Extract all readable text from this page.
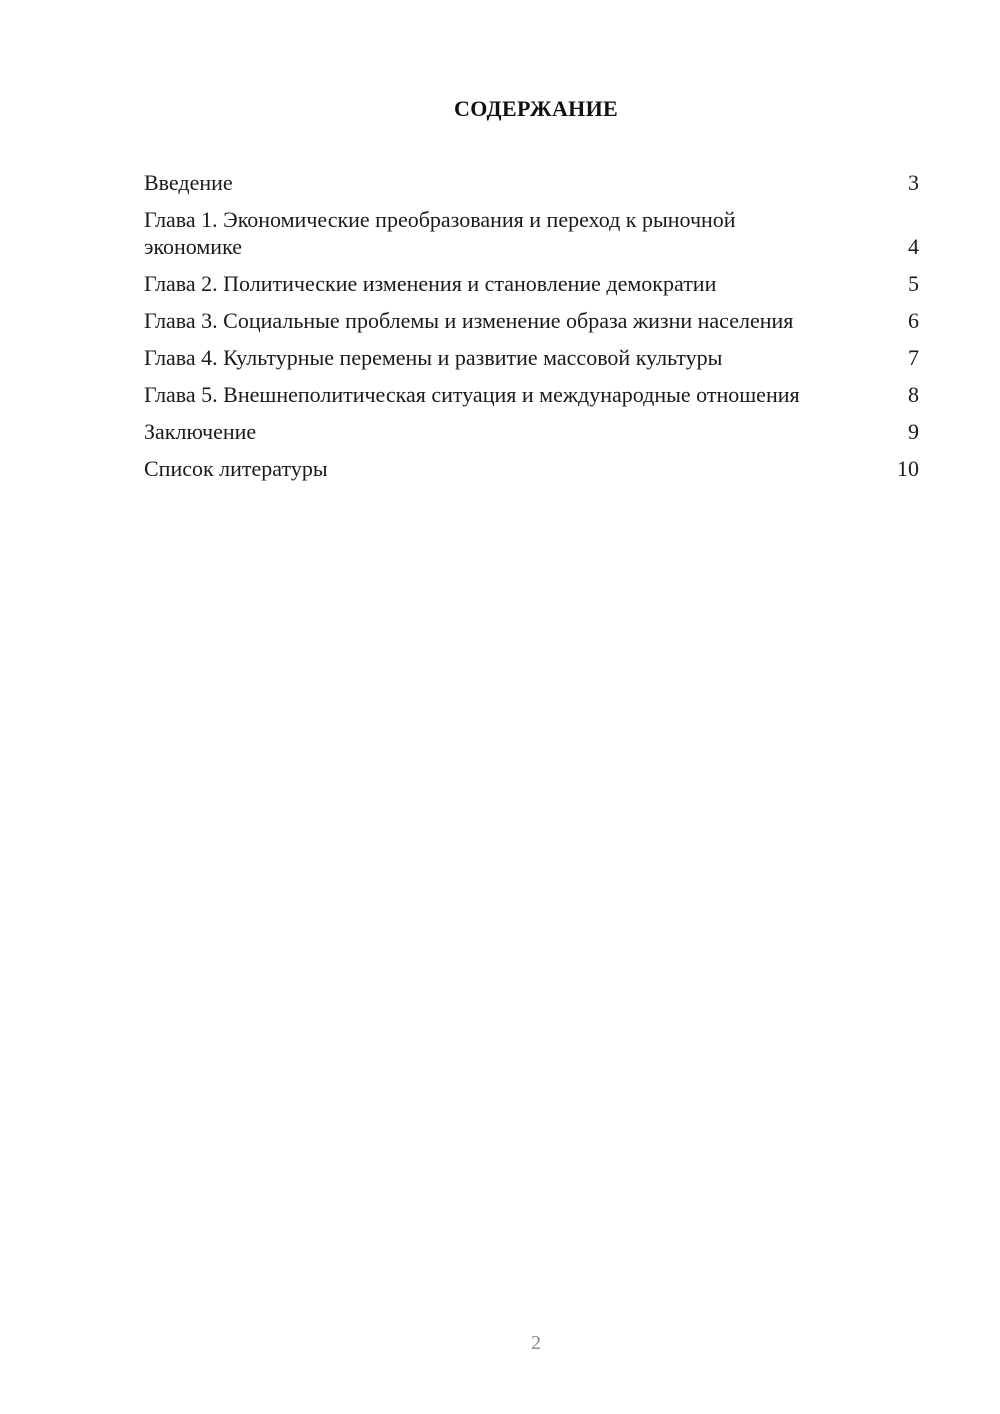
СОДЕРЖАНИЕ
Введение	3
Глава 1. Экономические преобразования и переход к рыночной экономике	4
Глава 2. Политические изменения и становление демократии	5
Глава 3. Социальные проблемы и изменение образа жизни населения	6
Глава 4. Культурные перемены и развитие массовой культуры	7
Глава 5. Внешнеполитическая ситуация и международные отношения	8
Заключение	9
Список литературы	10
2
